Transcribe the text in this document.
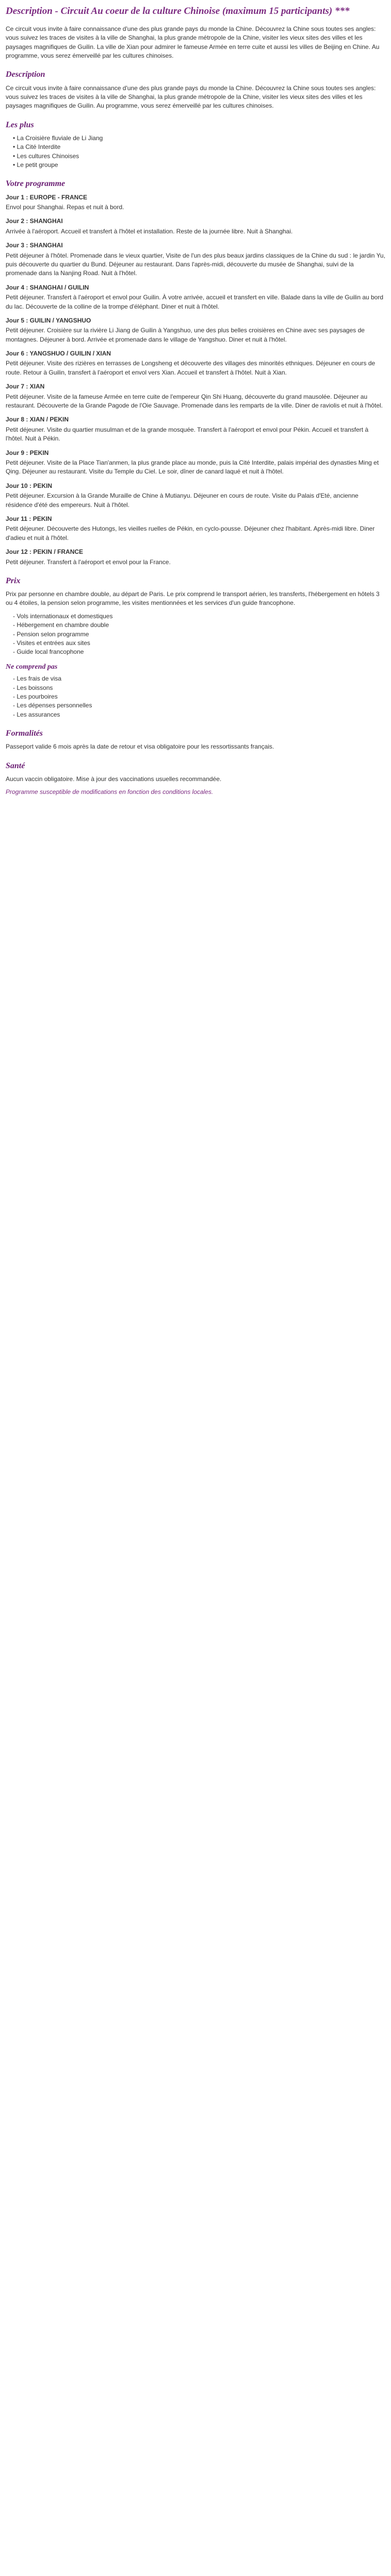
Description - Circuit Au coeur de la culture Chinoise (maximum 15 participants) ***

Ce circuit vous invite à faire connaissance d'une des plus grande pays du monde la Chine. Découvrez la Chine sous toutes ses angles: vous suivez les traces de visites à la ville de Shanghai, la plus grande métropole de la Chine, visiter les vieux sites des villes et les paysages magnifiques de Guilin. La ville de Xian pour admirer le fameuse Armée en terre cuite et aussi les villes de Beijing en Chine. Au programme, vous serez émerveillé par les cultures chinoises.

Description

Ce circuit vous invite à faire connaissance d'une des plus grande pays du monde la Chine. Découvrez la Chine sous toutes ses angles: vous suivez les traces de visites à la ville de Shanghai, la plus grande métropole de la Chine, visiter les vieux sites des villes et les paysages magnifiques de Guilin. Au programme, vous serez émerveillé par les cultures chinoises.

Les plus
• La Croisière fluviale de Li Jiang
• La Cité Interdite
• Les cultures Chinoises
• Le petit groupe
Votre programme
Jour 1 : EUROPE - FRANCE
Envol pour Shanghai. Repas et nuit à bord.
Jour 2 : SHANGHAI
Arrivée à l'aéroport. Accueil et transfert à l'hôtel et installation. Reste de la journée libre. Nuit à Shanghai.
Jour 3 : SHANGHAI
Petit déjeuner à l'hôtel. Promenade dans le vieux quartier, Visite de l'un des plus beaux jardins classiques de la Chine du sud : le jardin Yu, puis découverte du quartier du Bund. Déjeuner au restaurant. Dans l'après-midi, découverte du musée de Shanghai, suivi de la promenade dans la Nanjing Road. Nuit à l'hôtel.
Jour 4 : SHANGHAI / GUILIN
Petit déjeuner. Transfert à l'aéroport et envol pour Guilin. À votre arrivée, accueil et transfert en ville. Balade dans la ville de Guilin au bord du lac. Découverte de la colline de la trompe d'éléphant. Diner et nuit à l'hôtel.
Jour 5 : GUILIN / YANGSHUO
Petit déjeuner. Croisière sur la rivière Li Jiang de Guilin à Yangshuo, une des plus belles croisières en Chine avec ses paysages de montagnes. Déjeuner à bord. Arrivée et promenade dans le village de Yangshuo. Diner et nuit à l'hôtel.
Jour 6 : YANGSHUO / GUILIN / XIAN
Petit déjeuner. Visite des rizières en terrasses de Longsheng et découverte des villages des minorités ethniques. Déjeuner en cours de route. Retour à Guilin, transfert à l'aéroport et envol vers Xian. Accueil et transfert à l'hôtel. Nuit à Xian.
Jour 7 : XIAN
Petit déjeuner. Visite de la fameuse Armée en terre cuite de l'empereur Qin Shi Huang, découverte du grand mausolée. Déjeuner au restaurant. Découverte de la Grande Pagode de l'Oie Sauvage. Promenade dans les remparts de la ville. Diner de raviolis et nuit à l'hôtel.
Jour 8 : XIAN / PEKIN
Petit déjeuner. Visite du quartier musulman et de la grande mosquée. Transfert à l'aéroport et envol pour Pékin. Accueil et transfert à l'hôtel. Nuit à Pékin.
Jour 9 : PEKIN
Petit déjeuner. Visite de la Place Tian'anmen, la plus grande place au monde, puis la Cité Interdite, palais impérial des dynasties Ming et Qing. Déjeuner au restaurant. Visite du Temple du Ciel. Le soir, dîner de canard laqué et nuit à l'hôtel.
Jour 10 : PEKIN
Petit déjeuner. Excursion à la Grande Muraille de Chine à Mutianyu. Déjeuner en cours de route. Visite du Palais d'Eté, ancienne résidence d'été des empereurs. Nuit à l'hôtel.
Jour 11 : PEKIN
Petit déjeuner. Découverte des Hutongs, les vieilles ruelles de Pékin, en cyclo-pousse. Déjeuner chez l'habitant. Après-midi libre. Diner d'adieu et nuit à l'hôtel.
Jour 12 : PEKIN / FRANCE
Petit déjeuner. Transfert à l'aéroport et envol pour la France.
Prix

Prix par personne en chambre double, au départ de Paris. Le prix comprend le transport aérien, les transferts, l'hébergement en hôtels 3 ou 4 étoiles, la pension selon programme, les visites mentionnées et les services d'un guide francophone.

- Vols internationaux et domestiques
- Hébergement en chambre double
- Pension selon programme
- Visites et entrées aux sites
- Guide local francophone
Ne comprend pas
- Les frais de visa
- Les boissons
- Les pourboires
- Les dépenses personnelles
- Les assurances
Formalités

Passeport valide 6 mois après la date de retour et visa obligatoire pour les ressortissants français.

Santé

Aucun vaccin obligatoire. Mise à jour des vaccinations usuelles recommandée.

Programme susceptible de modifications en fonction des conditions locales.
